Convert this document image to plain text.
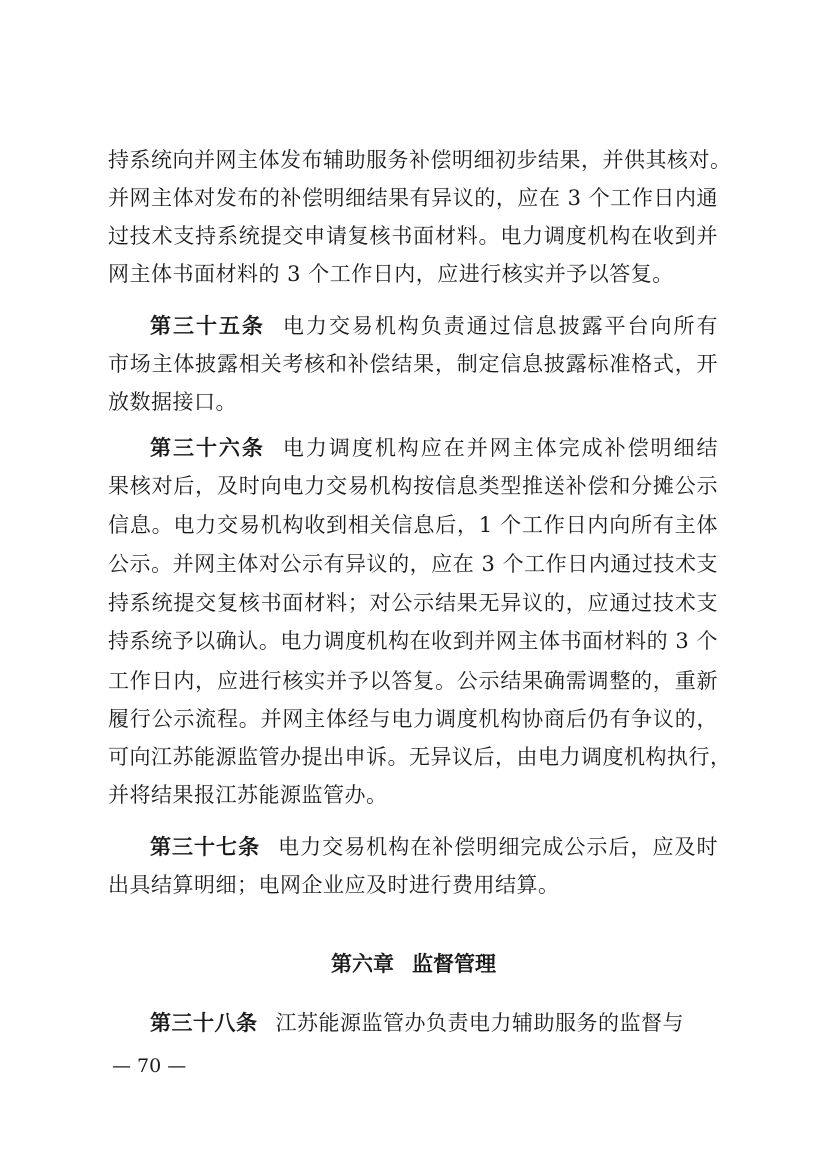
持系统向并网主体发布辅助服务补偿明细初步结果，并供其核对。
并网主体对发布的补偿明细结果有异议的，应在 3 个工作日内通
过技术支持系统提交申请复核书面材料。电力调度机构在收到并
网主体书面材料的 3 个工作日内，应进行核实并予以答复。
第三十五条 电力交易机构负责通过信息披露平台向所有
市场主体披露相关考核和补偿结果，制定信息披露标准格式，开
放数据接口。
第三十六条 电力调度机构应在并网主体完成补偿明细结
果核对后，及时向电力交易机构按信息类型推送补偿和分摊公示
信息。电力交易机构收到相关信息后，1 个工作日内向所有主体
公示。并网主体对公示有异议的，应在 3 个工作日内通过技术支
持系统提交复核书面材料；对公示结果无异议的，应通过技术支
持系统予以确认。电力调度机构在收到并网主体书面材料的 3 个
工作日内，应进行核实并予以答复。公示结果确需调整的，重新
履行公示流程。并网主体经与电力调度机构协商后仍有争议的，
可向江苏能源监管办提出申诉。无异议后，由电力调度机构执行，
并将结果报江苏能源监管办。
第三十七条 电力交易机构在补偿明细完成公示后，应及时
出具结算明细；电网企业应及时进行费用结算。
第六章 监督管理
第三十八条 江苏能源监管办负责电力辅助服务的监督与
— 70 —
